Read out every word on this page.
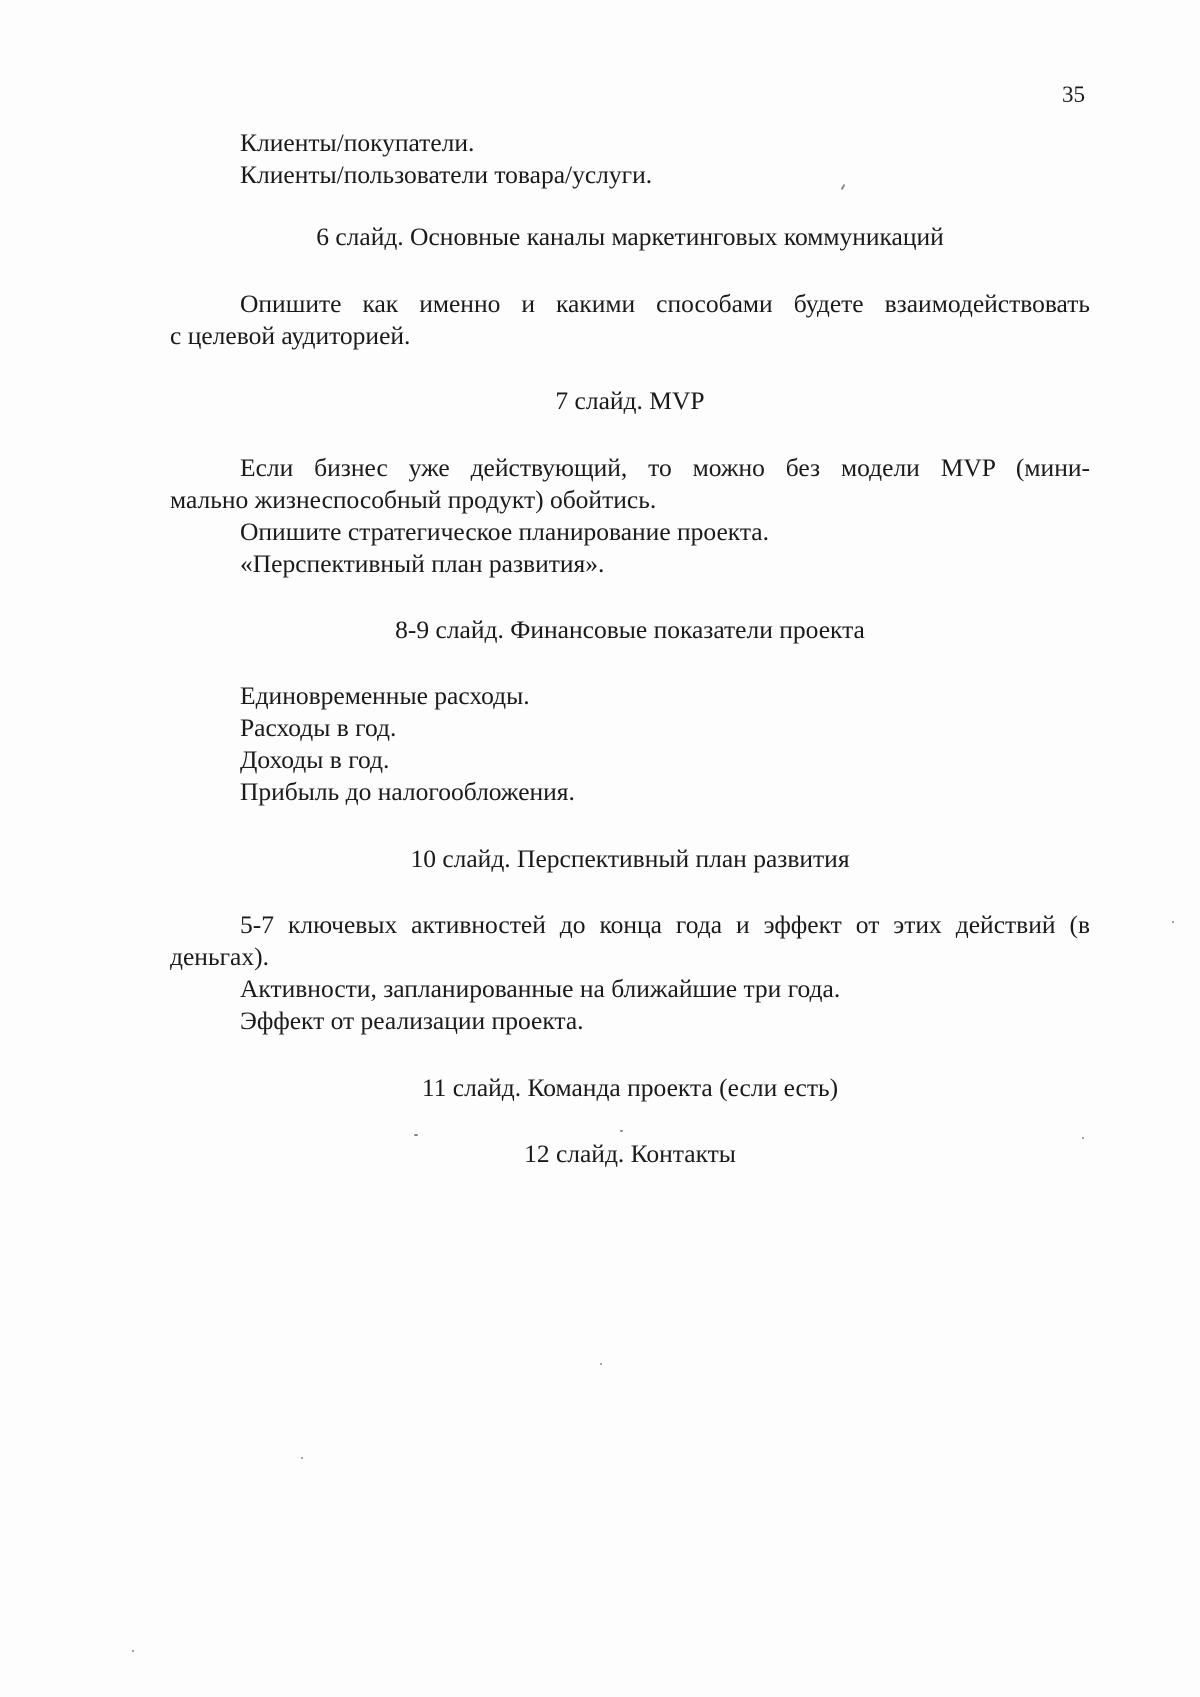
35
Клиенты/покупатели.
Клиенты/пользователи товара/услуги.
6 слайд. Основные каналы маркетинговых коммуникаций
Опишите как именно и какими способами будете взаимодействовать
с целевой аудиторией.
7 слайд. MVP
Если бизнес уже действующий, то можно без модели MVP (мини-
мально жизнеспособный продукт) обойтись.
Опишите стратегическое планирование проекта.
«Перспективный план развития».
8-9 слайд. Финансовые показатели проекта
Единовременные расходы.
Расходы в год.
Доходы в год.
Прибыль до налогообложения.
10 слайд. Перспективный план развития
5-7 ключевых активностей до конца года и эффект от этих действий (в
деньгах).
Активности, запланированные на ближайшие три года.
Эффект от реализации проекта.
11 слайд. Команда проекта (если есть)
12 слайд. Контакты
